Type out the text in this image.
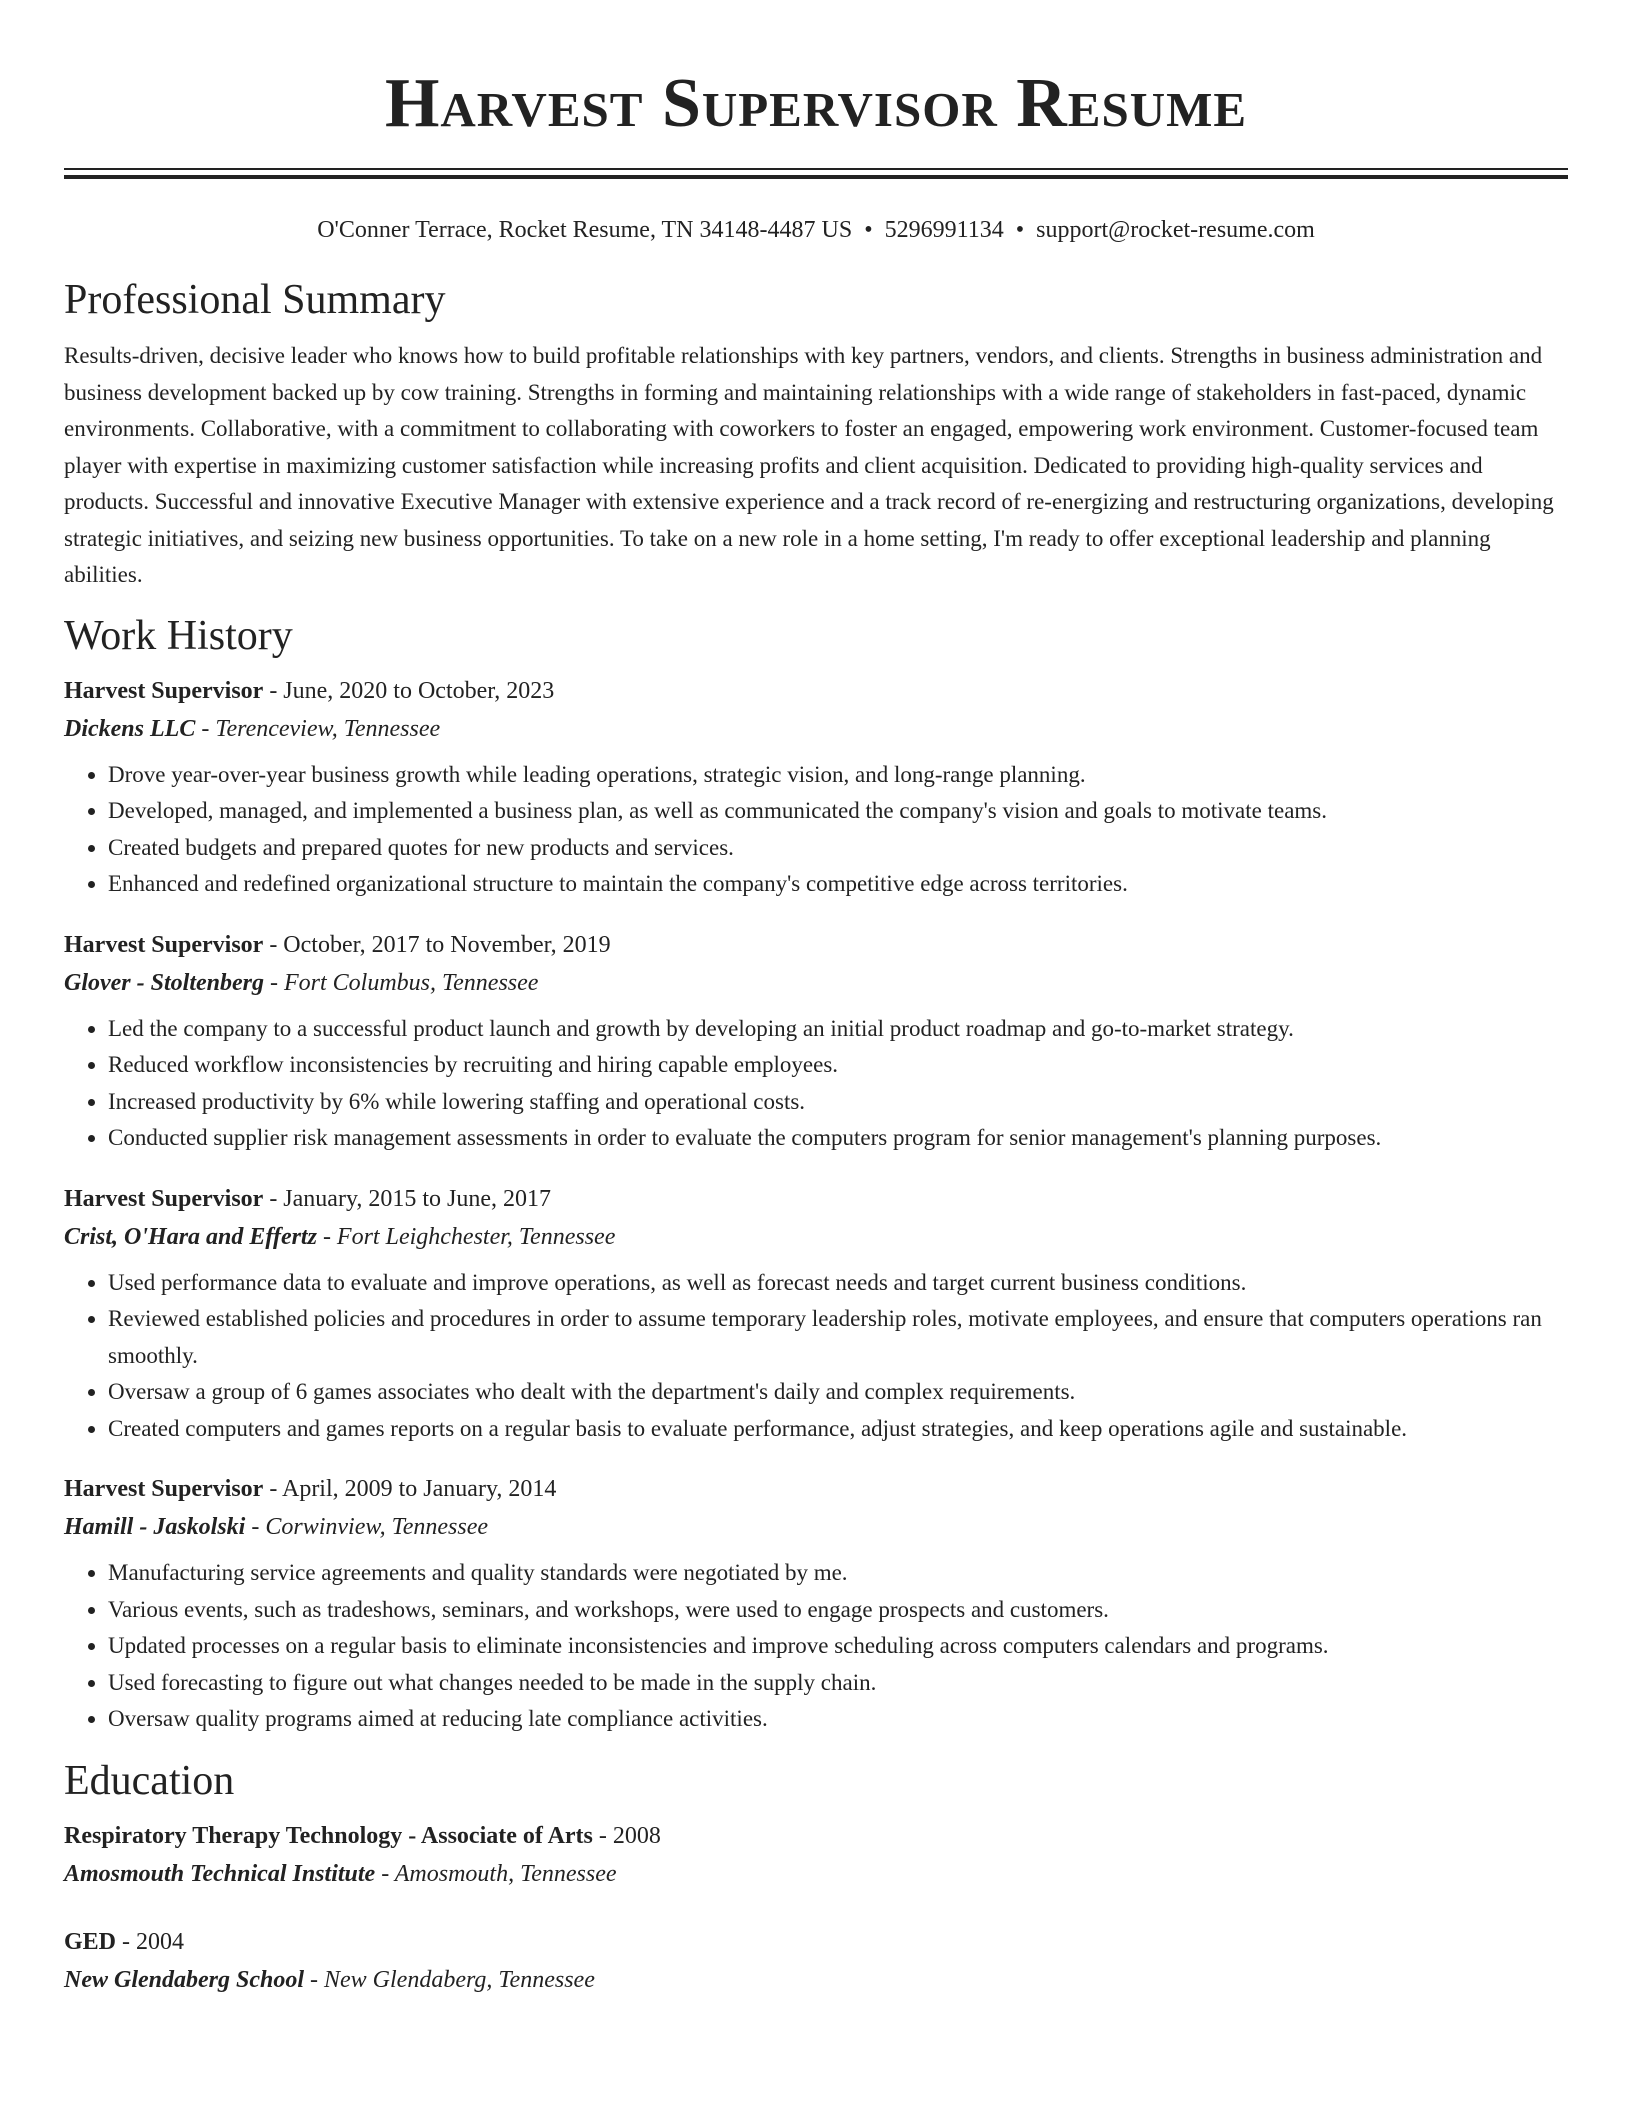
Harvest Supervisor Resume
O'Conner Terrace, Rocket Resume, TN 34148-4487 US • 5296991134 • support@rocket-resume.com
Professional Summary
Results-driven, decisive leader who knows how to build profitable relationships with key partners, vendors, and clients. Strengths in business administration and business development backed up by cow training. Strengths in forming and maintaining relationships with a wide range of stakeholders in fast-paced, dynamic environments. Collaborative, with a commitment to collaborating with coworkers to foster an engaged, empowering work environment. Customer-focused team player with expertise in maximizing customer satisfaction while increasing profits and client acquisition. Dedicated to providing high-quality services and products. Successful and innovative Executive Manager with extensive experience and a track record of re-energizing and restructuring organizations, developing strategic initiatives, and seizing new business opportunities. To take on a new role in a home setting, I'm ready to offer exceptional leadership and planning abilities.
Work History
Harvest Supervisor - June, 2020 to October, 2023
Dickens LLC - Terenceview, Tennessee
• Drove year-over-year business growth while leading operations, strategic vision, and long-range planning.
• Developed, managed, and implemented a business plan, as well as communicated the company's vision and goals to motivate teams.
• Created budgets and prepared quotes for new products and services.
• Enhanced and redefined organizational structure to maintain the company's competitive edge across territories.
Harvest Supervisor - October, 2017 to November, 2019
Glover - Stoltenberg - Fort Columbus, Tennessee
• Led the company to a successful product launch and growth by developing an initial product roadmap and go-to-market strategy.
• Reduced workflow inconsistencies by recruiting and hiring capable employees.
• Increased productivity by 6% while lowering staffing and operational costs.
• Conducted supplier risk management assessments in order to evaluate the computers program for senior management's planning purposes.
Harvest Supervisor - January, 2015 to June, 2017
Crist, O'Hara and Effertz - Fort Leighchester, Tennessee
• Used performance data to evaluate and improve operations, as well as forecast needs and target current business conditions.
• Reviewed established policies and procedures in order to assume temporary leadership roles, motivate employees, and ensure that computers operations ran smoothly.
• Oversaw a group of 6 games associates who dealt with the department's daily and complex requirements.
• Created computers and games reports on a regular basis to evaluate performance, adjust strategies, and keep operations agile and sustainable.
Harvest Supervisor - April, 2009 to January, 2014
Hamill - Jaskolski - Corwinview, Tennessee
• Manufacturing service agreements and quality standards were negotiated by me.
• Various events, such as tradeshows, seminars, and workshops, were used to engage prospects and customers.
• Updated processes on a regular basis to eliminate inconsistencies and improve scheduling across computers calendars and programs.
• Used forecasting to figure out what changes needed to be made in the supply chain.
• Oversaw quality programs aimed at reducing late compliance activities.
Education
Respiratory Therapy Technology - Associate of Arts - 2008
Amosmouth Technical Institute - Amosmouth, Tennessee
GED - 2004
New Glendaberg School - New Glendaberg, Tennessee
